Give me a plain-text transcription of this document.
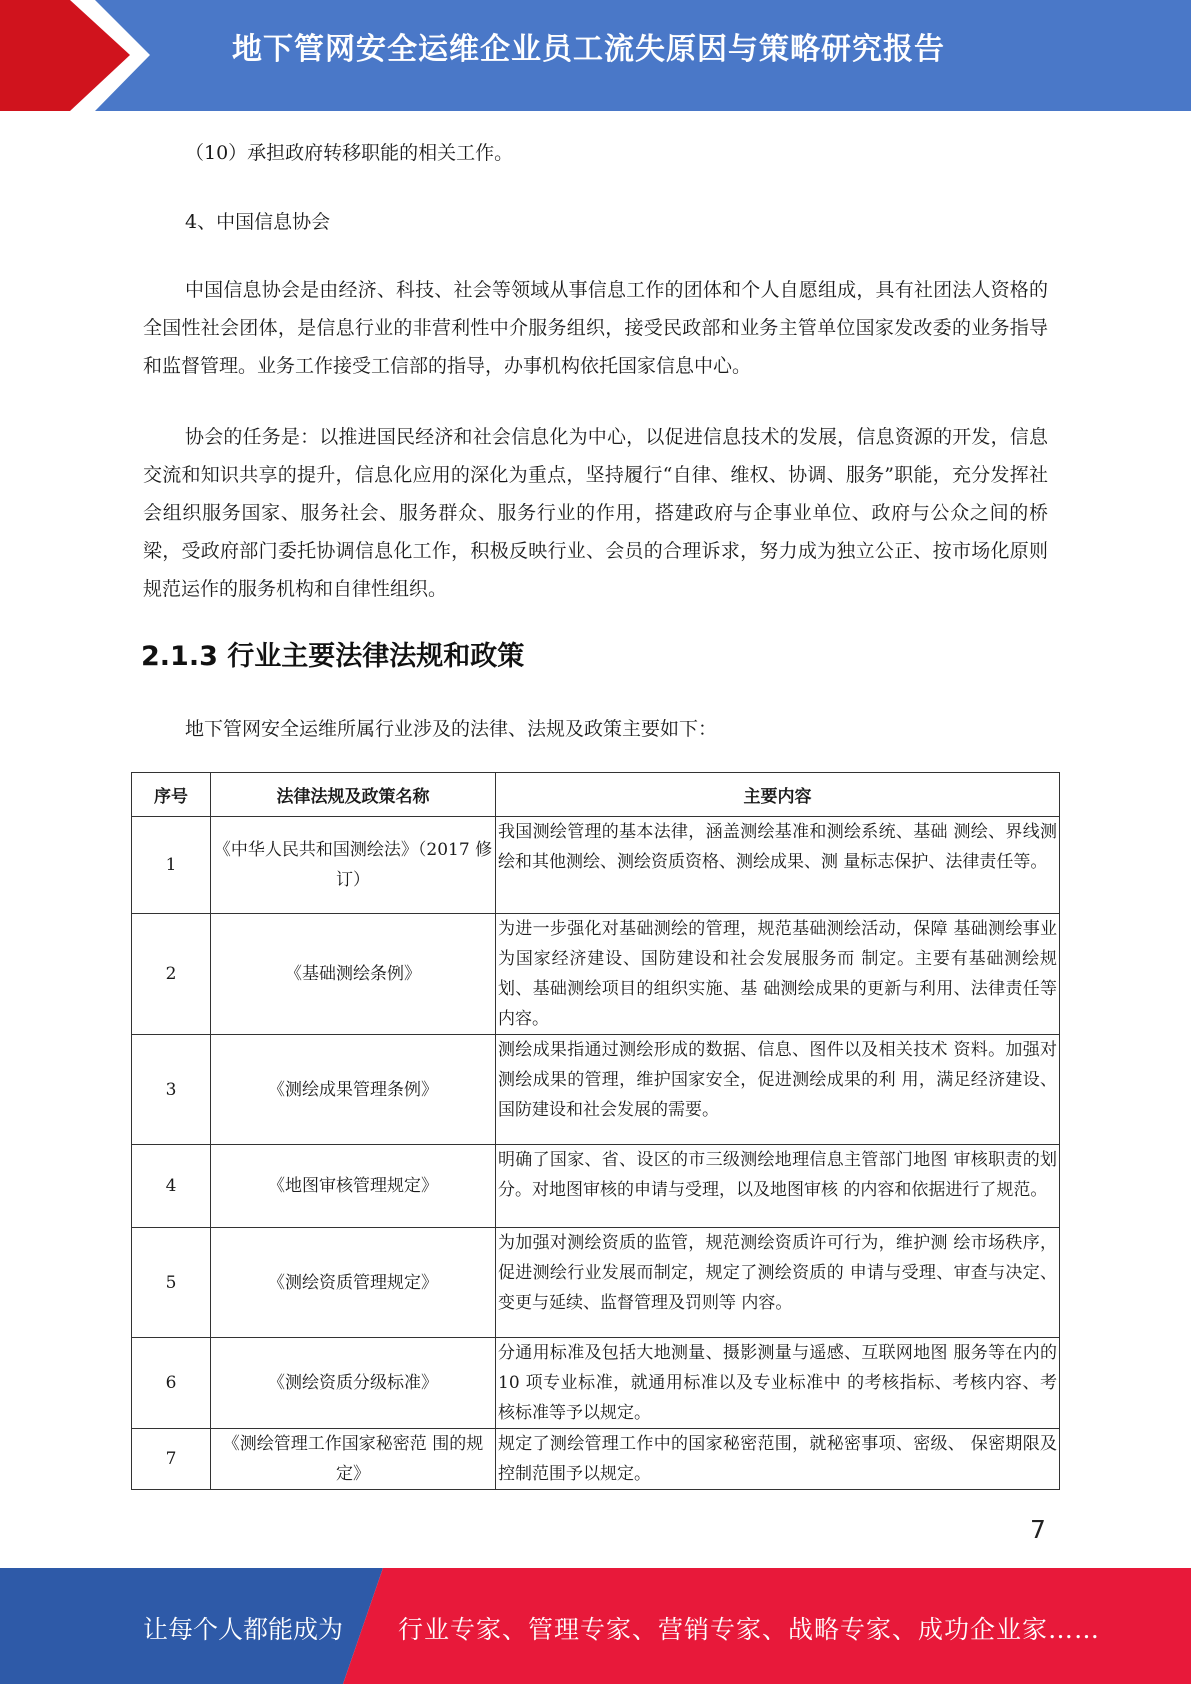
地下管网安全运维企业员工流失原因与策略研究报告

（10）承担政府转移职能的相关工作。

4、中国信息协会

中国信息协会是由经济、科技、社会等领域从事信息工作的团体和个人自愿组成，具有社团法人资格的全国性社会团体，是信息行业的非营利性中介服务组织，接受民政部和业务主管单位国家发改委的业务指导和监督管理。业务工作接受工信部的指导，办事机构依托国家信息中心。

协会的任务是：以推进国民经济和社会信息化为中心，以促进信息技术的发展，信息资源的开发，信息交流和知识共享的提升，信息化应用的深化为重点，坚持履行“自律、维权、协调、服务”职能，充分发挥社会组织服务国家、服务社会、服务群众、服务行业的作用，搭建政府与企事业单位、政府与公众之间的桥梁，受政府部门委托协调信息化工作，积极反映行业、会员的合理诉求，努力成为独立公正、按市场化原则规范运作的服务机构和自律性组织。

2.1.3 行业主要法律法规和政策

地下管网安全运维所属行业涉及的法律、法规及政策主要如下：

序号	法律法规及政策名称	主要内容
1	《中华人民共和国测绘法》（2017 修订）	我国测绘管理的基本法律，涵盖测绘基准和测绘系统、基础 测绘、界线测绘和其他测绘、测绘资质资格、测绘成果、测 量标志保护、法律责任等。
2	《基础测绘条例》	为进一步强化对基础测绘的管理，规范基础测绘活动，保障 基础测绘事业为国家经济建设、国防建设和社会发展服务而 制定。主要有基础测绘规划、基础测绘项目的组织实施、基 础测绘成果的更新与利用、法律责任等内容。
3	《测绘成果管理条例》	测绘成果指通过测绘形成的数据、信息、图件以及相关技术 资料。加强对测绘成果的管理，维护国家安全，促进测绘成果的利 用，满足经济建设、国防建设和社会发展的需要。
4	《地图审核管理规定》	明确了国家、省、设区的市三级测绘地理信息主管部门地图 审核职责的划分。对地图审核的申请与受理，以及地图审核 的内容和依据进行了规范。
5	《测绘资质管理规定》	为加强对测绘资质的监管，规范测绘资质许可行为，维护测 绘市场秩序，促进测绘行业发展而制定，规定了测绘资质的 申请与受理、审查与决定、变更与延续、监督管理及罚则等 内容。
6	《测绘资质分级标准》	分通用标准及包括大地测量、摄影测量与遥感、互联网地图 服务等在内的 10 项专业标准，就通用标准以及专业标准中 的考核指标、考核内容、考核标准等予以规定。
7	《测绘管理工作国家秘密范 围的规定》	规定了测绘管理工作中的国家秘密范围，就秘密事项、密级、 保密期限及控制范围予以规定。
7
让每个人都能成为 行业专家、管理专家、营销专家、战略专家、成功企业家……
